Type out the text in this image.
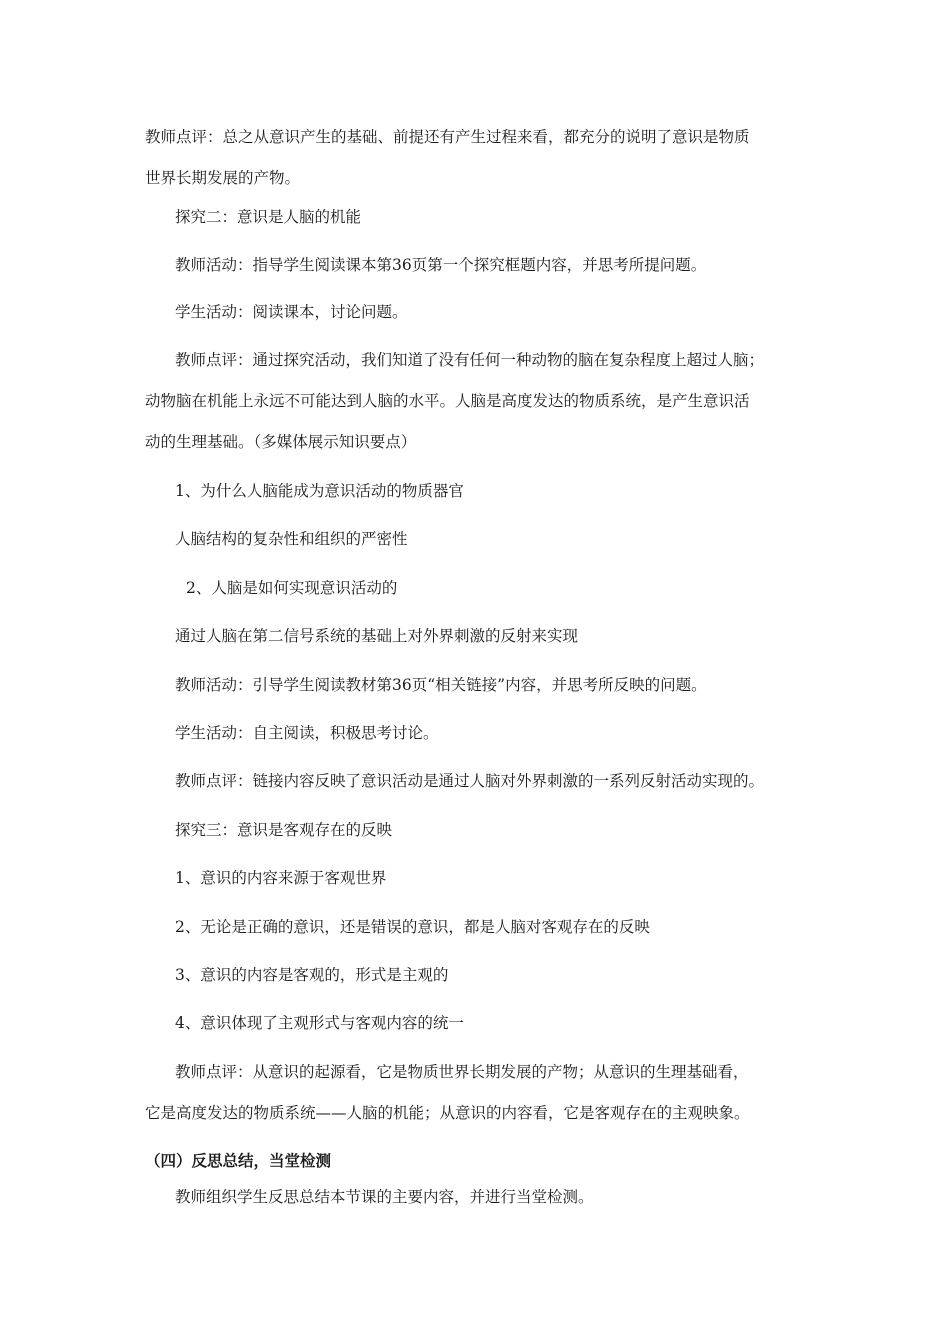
教师点评：总之从意识产生的基础、前提还有产生过程来看，都充分的说明了意识是物质
世界长期发展的产物。
探究二：意识是人脑的机能
教师活动：指导学生阅读课本第36页第一个探究框题内容，并思考所提问题。
学生活动：阅读课本，讨论问题。
教师点评：通过探究活动，我们知道了没有任何一种动物的脑在复杂程度上超过人脑；
动物脑在机能上永远不可能达到人脑的水平。人脑是高度发达的物质系统，是产生意识活
动的生理基础。（多媒体展示知识要点）
1、为什么人脑能成为意识活动的物质器官
人脑结构的复杂性和组织的严密性
2、人脑是如何实现意识活动的
通过人脑在第二信号系统的基础上对外界刺激的反射来实现
教师活动：引导学生阅读教材第36页“相关链接”内容，并思考所反映的问题。
学生活动：自主阅读，积极思考讨论。
教师点评：链接内容反映了意识活动是通过人脑对外界刺激的一系列反射活动实现的。
探究三：意识是客观存在的反映
1、意识的内容来源于客观世界
2、无论是正确的意识，还是错误的意识，都是人脑对客观存在的反映
3、意识的内容是客观的，形式是主观的
4、意识体现了主观形式与客观内容的统一
教师点评：从意识的起源看，它是物质世界长期发展的产物；从意识的生理基础看，
它是高度发达的物质系统——人脑的机能；从意识的内容看，它是客观存在的主观映象。
（四）反思总结，当堂检测
教师组织学生反思总结本节课的主要内容，并进行当堂检测。
